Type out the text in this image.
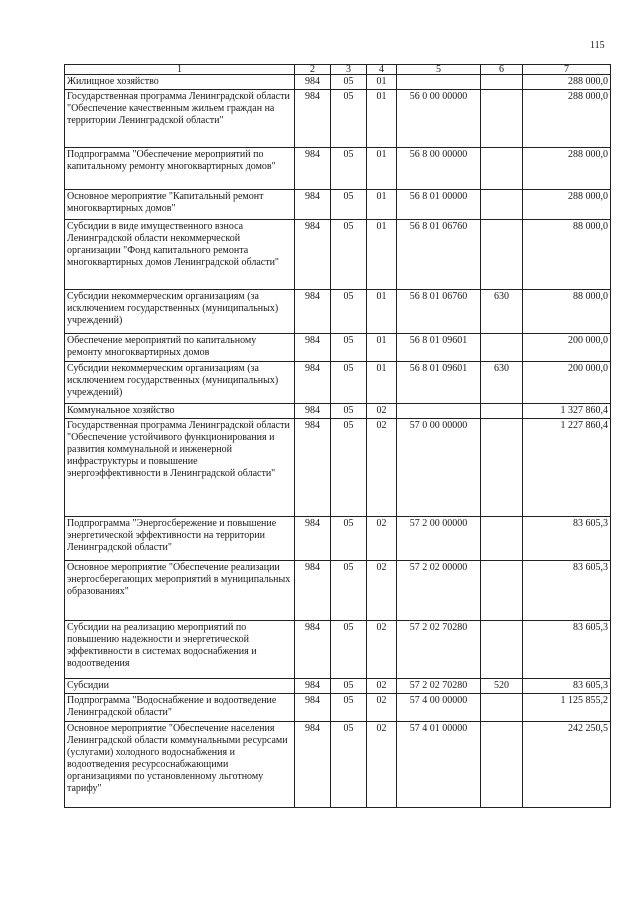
115
1	2	3	4	5	6	7
Жилищное хозяйство	984	05	01			288 000,0
Государственная программа Ленинградской области "Обеспечение качественным жильем граждан на территории Ленинградской области"	984	05	01	56 0 00 00000		288 000,0
Подпрограмма "Обеспечение мероприятий по капитальному ремонту многоквартирных домов"	984	05	01	56 8 00 00000		288 000,0
Основное мероприятие "Капитальный ремонт многоквартирных домов"	984	05	01	56 8 01 00000		288 000,0
Субсидии в виде имущественного взноса Ленинградской области некоммерческой организации "Фонд капитального ремонта многоквартирных домов Ленинградской области"	984	05	01	56 8 01 06760		88 000,0
Субсидии некоммерческим организациям (за исключением государственных (муниципальных) учреждений)	984	05	01	56 8 01 06760	630	88 000,0
Обеспечение мероприятий по капитальному ремонту многоквартирных домов	984	05	01	56 8 01 09601		200 000,0
Субсидии некоммерческим организациям (за исключением государственных (муниципальных) учреждений)	984	05	01	56 8 01 09601	630	200 000,0
Коммунальное хозяйство	984	05	02			1 327 860,4
Государственная программа Ленинградской области "Обеспечение устойчивого функционирования и развития коммунальной и инженерной инфраструктуры и повышение энергоэффективности в Ленинградской области"	984	05	02	57 0 00 00000		1 227 860,4
Подпрограмма "Энергосбережение и повышение энергетической эффективности на территории Ленинградской области"	984	05	02	57 2 00 00000		83 605,3
Основное мероприятие "Обеспечение реализации энергосберегающих мероприятий в муниципальных образованиях"	984	05	02	57 2 02 00000		83 605,3
Субсидии на реализацию мероприятий по повышению надежности и энергетической эффективности в системах водоснабжения и водоотведения	984	05	02	57 2 02 70280		83 605,3
Субсидии	984	05	02	57 2 02 70280	520	83 605,3
Подпрограмма "Водоснабжение и водоотведение Ленинградской области"	984	05	02	57 4 00 00000		1 125 855,2
Основное мероприятие "Обеспечение населения Ленинградской области коммунальными ресурсами (услугами) холодного водоснабжения и водоотведения ресурсоснабжающими организациями по установленному льготному тарифу"	984	05	02	57 4 01 00000		242 250,5
